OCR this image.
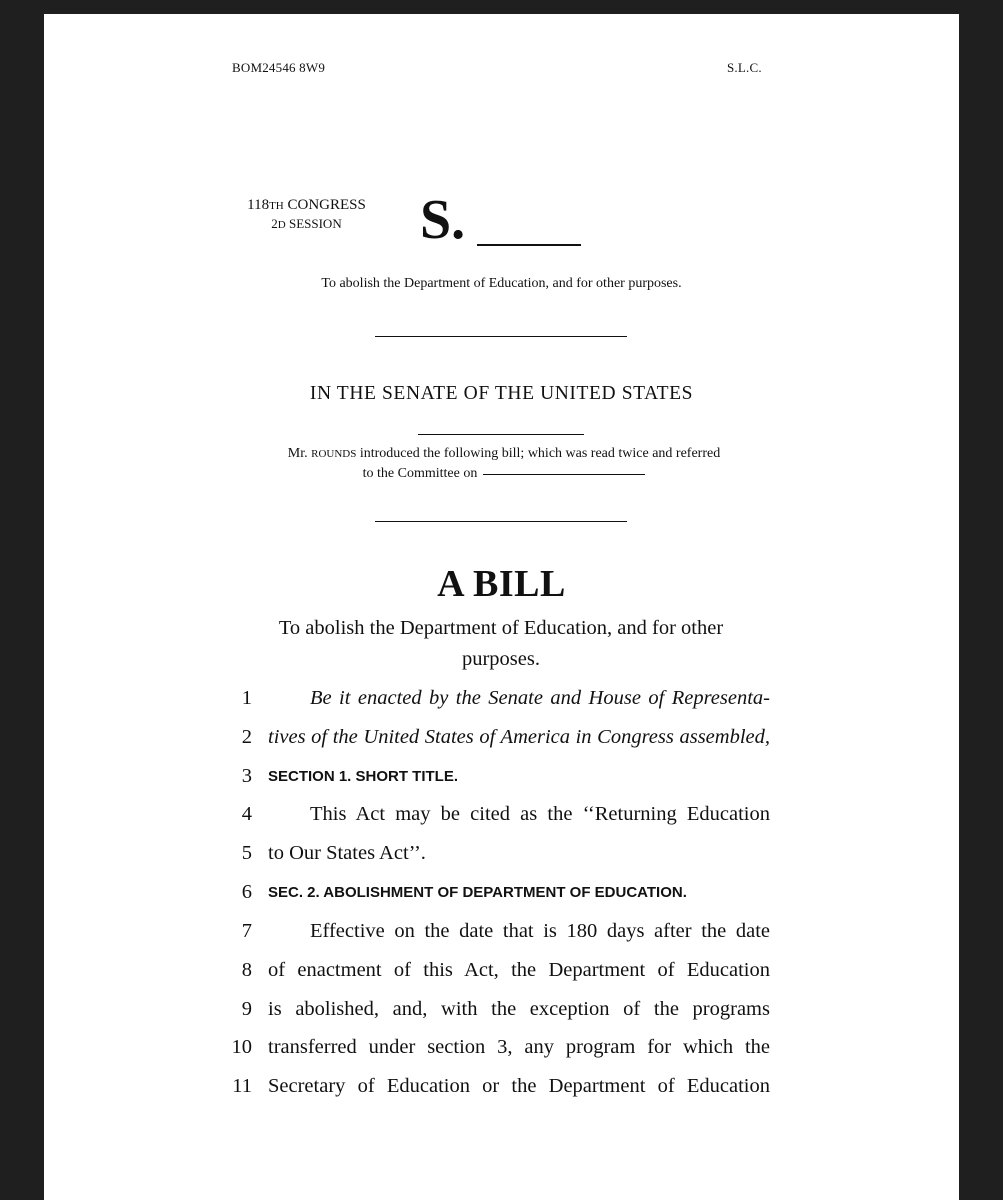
BOM24546 8W9	S.L.C.
118TH CONGRESS
2D SESSION	S.
To abolish the Department of Education, and for other purposes.
IN THE SENATE OF THE UNITED STATES
Mr. ROUNDS introduced the following bill; which was read twice and referred
to the Committee on
A BILL
To abolish the Department of Education, and for other
purposes.
1	Be it enacted by the Senate and House of Representa-
2 tives of the United States of America in Congress assembled,
3 SECTION 1. SHORT TITLE.
4	This Act may be cited as the ‘‘Returning Education
5 to Our States Act’’.
6 SEC. 2. ABOLISHMENT OF DEPARTMENT OF EDUCATION.
7	Effective on the date that is 180 days after the date
8 of enactment of this Act, the Department of Education
9 is abolished, and, with the exception of the programs
10 transferred under section 3, any program for which the
11 Secretary of Education or the Department of Education
